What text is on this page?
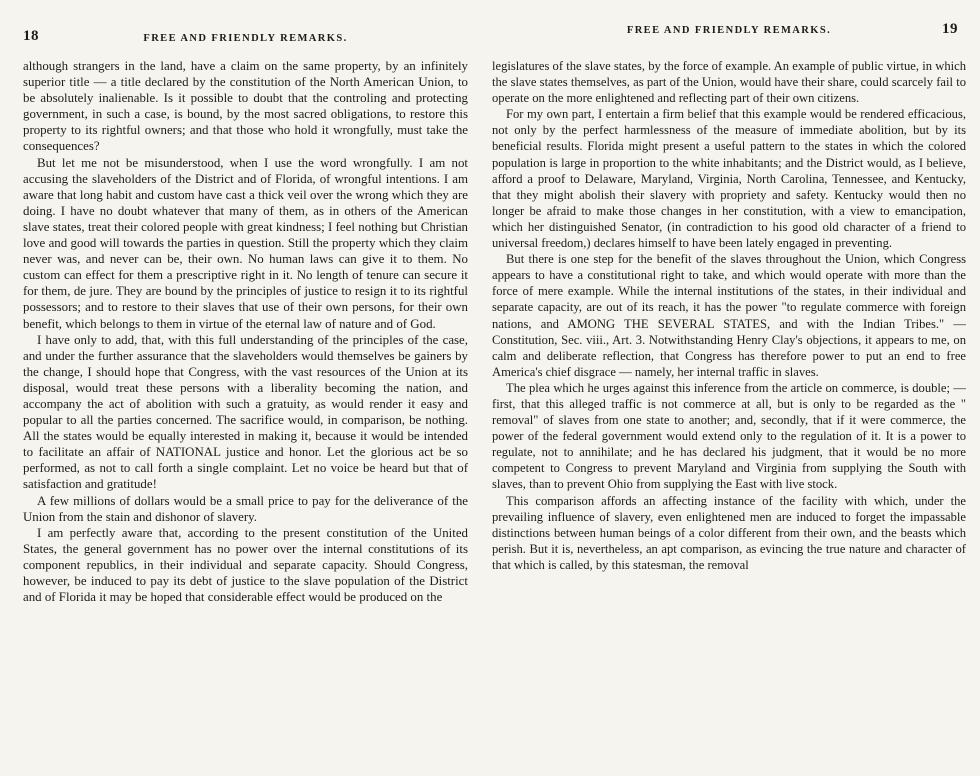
18	FREE AND FRIENDLY REMARKS.

although strangers in the land, have a claim on the same property, by an infinitely superior title — a title declared by the constitution of the North American Union, to be absolutely inalienable. Is it possible to doubt that the controling and protecting government, in such a case, is bound, by the most sacred obligations, to restore this property to its rightful owners; and that those who hold it wrongfully, must take the consequences?

But let me not be misunderstood, when I use the word wrongfully. I am not accusing the slaveholders of the District and of Florida, of wrongful intentions. I am aware that long habit and custom have cast a thick veil over the wrong which they are doing. I have no doubt whatever that many of them, as in others of the American slave states, treat their colored people with great kindness; I feel nothing but Christian love and good will towards the parties in question. Still the property which they claim never was, and never can be, their own. No human laws can give it to them. No custom can effect for them a prescriptive right in it. No length of tenure can secure it for them, de jure. They are bound by the principles of justice to resign it to its rightful possessors; and to restore to their slaves that use of their own persons, for their own benefit, which belongs to them in virtue of the eternal law of nature and of God.

I have only to add, that, with this full understanding of the principles of the case, and under the further assurance that the slaveholders would themselves be gainers by the change, I should hope that Congress, with the vast resources of the Union at its disposal, would treat these persons with a liberality becoming the nation, and accompany the act of abolition with such a gratuity, as would render it easy and popular to all the parties concerned. The sacrifice would, in comparison, be nothing. All the states would be equally interested in making it, because it would be intended to facilitate an affair of NATIONAL justice and honor. Let the glorious act be so performed, as not to call forth a single complaint. Let no voice be heard but that of satisfaction and gratitude!

A few millions of dollars would be a small price to pay for the deliverance of the Union from the stain and dishonor of slavery.

I am perfectly aware that, according to the present constitution of the United States, the general government has no power over the internal constitutions of its component republics, in their individual and separate capacity. Should Congress, however, be induced to pay its debt of justice to the slave population of the District and of Florida it may be hoped that considerable effect would be produced on the

FREE AND FRIENDLY REMARKS.	19

legislatures of the slave states, by the force of example. An example of public virtue, in which the slave states themselves, as part of the Union, would have their share, could scarcely fail to operate on the more enlightened and reflecting part of their own citizens.

For my own part, I entertain a firm belief that this example would be rendered efficacious, not only by the perfect harmlessness of the measure of immediate abolition, but by its beneficial results. Florida might present a useful pattern to the states in which the colored population is large in proportion to the white inhabitants; and the District would, as I believe, afford a proof to Delaware, Maryland, Virginia, North Carolina, Tennessee, and Kentucky, that they might abolish their slavery with propriety and safety. Kentucky would then no longer be afraid to make those changes in her constitution, with a view to emancipation, which her distinguished Senator, (in contradiction to his good old character of a friend to universal freedom,) declares himself to have been lately engaged in preventing.

But there is one step for the benefit of the slaves throughout the Union, which Congress appears to have a constitutional right to take, and which would operate with more than the force of mere example. While the internal institutions of the states, in their individual and separate capacity, are out of its reach, it has the power "to regulate commerce with foreign nations, and AMONG THE SEVERAL STATES, and with the Indian Tribes." — Constitution, Sec. viii., Art. 3. Notwithstanding Henry Clay's objections, it appears to me, on calm and deliberate reflection, that Congress has therefore power to put an end to free America's chief disgrace — namely, her internal traffic in slaves.

The plea which he urges against this inference from the article on commerce, is double; — first, that this alleged traffic is not commerce at all, but is only to be regarded as the " removal" of slaves from one state to another; and, secondly, that if it were commerce, the power of the federal government would extend only to the regulation of it. It is a power to regulate, not to annihilate; and he has declared his judgment, that it would be no more competent to Congress to prevent Maryland and Virginia from supplying the South with slaves, than to prevent Ohio from supplying the East with live stock.

This comparison affords an affecting instance of the facility with which, under the prevailing influence of slavery, even enlightened men are induced to forget the impassable distinctions between human beings of a color different from their own, and the beasts which perish. But it is, nevertheless, an apt comparison, as evincing the true nature and character of that which is called, by this statesman, the removal
